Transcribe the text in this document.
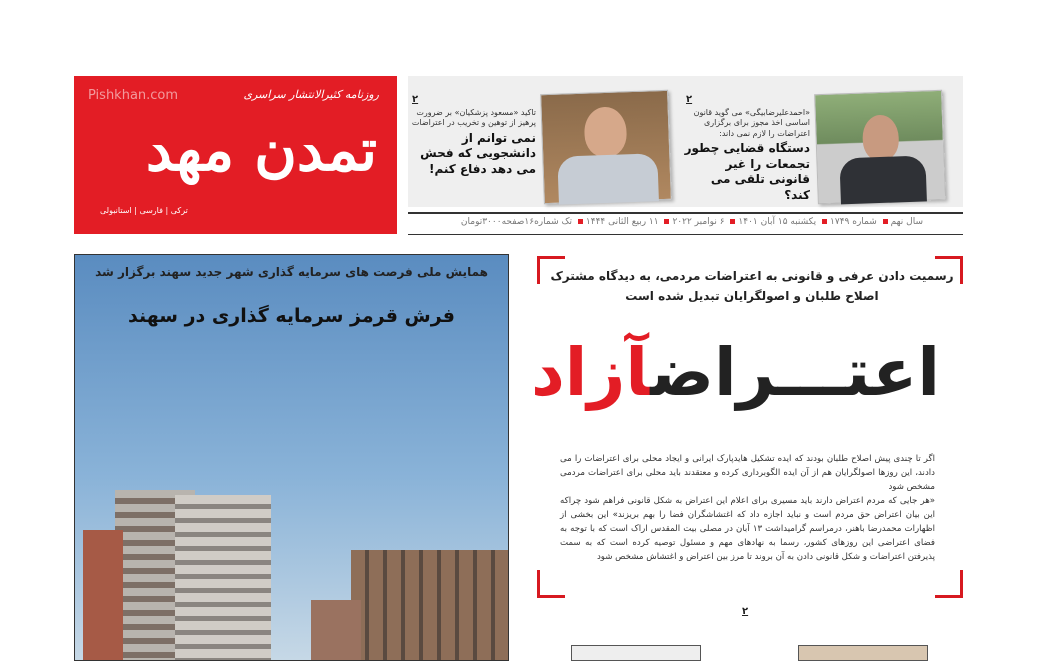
Pishkhan.com	روزنامه کثیرالانتشار سراسری
تمدن مهد
ترکی | فارسی | استانبولی
۲
«احمدعلیرضابیگی» می گوید قانون اساسی اخذ مجوز برای برگزاری اعتراضات را لازم نمی داند:
دستگاه قضایی چطور تجمعات را غیر قانونی تلقی می کند؟
۲
تاکید «مسعود پزشکیان» بر ضرورت پرهیز از توهین و تخریب در اعتراضات
نمی توانم از دانشجویی که فحش می دهد دفاع کنم!
سال نهم شماره ۱۷۴۹ یکشنبه ۱۵ آبان ۱۴۰۱ ۶ نوامبر ۲۰۲۲ ۱۱ ربیع الثانی ۱۴۴۴ تک شماره۱۶صفحه۳۰۰۰تومان
همایش ملی فرصت های سرمایه گذاری شهر جدید سهند برگزار شد
فرش قرمز سرمایه گذاری در سهند
رسمیت دادن عرفی و قانونی به اعتراضات مردمی، به دیدگاه مشترک اصلاح طلبان و اصولگرایان تبدیل شده است
اعتـــراضآزاد
اگر تا چندی پیش اصلاح طلبان بودند که ایده تشکیل هایدپارک ایرانی و ایجاد محلی برای اعتراضات را می دادند، این روزها اصولگرایان هم از آن ایده الگوبرداری کرده و معتقدند باید محلی برای اعتراضات مردمی مشخص شود
«هر جایی که مردم اعتراض دارند باید مسیری برای اعلام این اعتراض به شکل قانونی فراهم شود چراکه این بیان اعتراض حق مردم است و نباید اجازه داد که اغتشاشگران فضا را بهم بریزند» این بخشی از اظهارات محمدرضا باهنر، درمراسم گرامیداشت ۱۳ آبان در مصلی بیت المقدس اراک است که با توجه به فضای اعتراضی این روزهای کشور، رسما به نهادهای مهم و مسئول توصیه کرده است که به سمت پذیرفتن اعتراضات و شکل قانونی دادن به آن بروند تا مرز بین اعتراض و اغتشاش مشخص شود
۲
